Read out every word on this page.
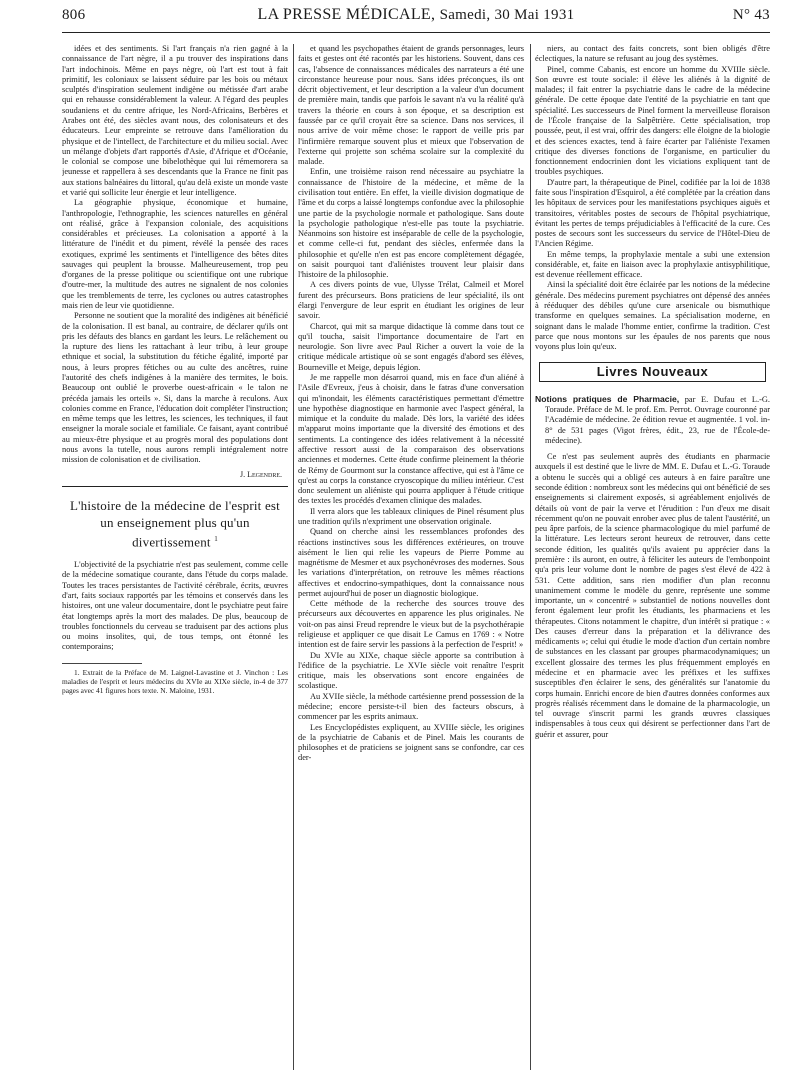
806	LA PRESSE MÉDICALE, Samedi, 30 Mai 1931	N° 43

idées et des sentiments. Si l'art français n'a rien gagné à la connaissance de l'art nègre, il a pu trouver des inspirations dans l'art indochinois. Même en pays nègre, où l'art est tout à fait primitif, les coloniaux se laissent séduire par les bois ou métaux sculptés d'inspiration seulement indigène ou métissée d'art arabe qui en rehausse considérablement la valeur. A l'égard des peuples soudaniens et du centre afrique, les Nord-Africains, Berbères et Arabes ont été, des siècles avant nous, des colonisateurs et des éducateurs. Leur empreinte se retrouve dans l'amélioration du physique et de l'intellect, de l'architecture et du milieu social. Avec un mélange d'objets d'art rapportés d'Asie, d'Afrique et d'Océanie, le colonial se compose une bibelothèque qui lui rémemorera sa jeunesse et rappellera à ses descendants que la France ne finit pas aux stations balnéaires du littoral, qu'au delà existe un monde vaste et varié qui sollicite leur énergie et leur intelligence.

La géographie physique, économique et humaine, l'anthropologie, l'ethnographie, les sciences naturelles en général ont réalisé, grâce à l'expansion coloniale, des acquisitions considérables et précieuses. La colonisation a apporté à la littérature de l'inédit et du piment, révélé la pensée des races exotiques, exprimé les sentiments et l'intelligence des bêtes dites sauvages qui peuplent la brousse. Malheureusement, trop peu d'organes de la presse politique ou scientifique ont une rubrique d'outre-mer, la multitude des autres ne signalent de nos colonies que les tremblements de terre, les cyclones ou autres catastrophes mais rien de leur vie quotidienne.

Personne ne soutient que la moralité des indigènes ait bénéficié de la colonisation. Il est banal, au contraire, de déclarer qu'ils ont pris les défauts des blancs en gardant les leurs. Le relâchement ou la rupture des liens les rattachant à leur tribu, à leur groupe ethnique et social, la substitution du fétiche égalité, importé par nous, à leurs propres fétiches ou au culte des ancêtres, ruine l'autorité des chefs indigènes à la manière des termites, le bois. Beaucoup ont oublié le proverbe ouest-africain « le talon ne précéda jamais les orteils ». Si, dans la marche à reculons. Aux colonies comme en France, l'éducation doit compléter l'instruction; en même temps que les lettres, les sciences, les techniques, il faut enseigner la morale sociale et familiale. Ce faisant, ayant contribué au mieux-être physique et au progrès moral des populations dont nous avons la tutelle, nous aurons rempli intégralement notre mission de colonisation et de civilisation.

J. Legendre.
L'histoire de la médecine de l'esprit est un enseignement plus qu'un divertissement $^1$

L'objectivité de la psychiatrie n'est pas seulement, comme celle de la médecine somatique courante, dans l'étude du corps malade. Toutes les traces persistantes de l'activité cérébrale, écrits, œuvres d'art, faits sociaux rapportés par les témoins et conservés dans les histoires, ont une valeur documentaire, dont le psychiatre peut faire état longtemps après la mort des malades. De plus, beaucoup de troubles fonctionnels du cerveau se traduisent par des actions plus ou moins insolites, qui, de tous temps, ont étonné les contemporains;

1. Extrait de la Préface de M. Laignel-Lavastine et J. Vinchon : Les maladies de l'esprit et leurs médecins du XVIe au XIXe siècle, in-4 de 377 pages avec 41 figures hors texte. N. Maloine, 1931.

et quand les psychopathes étaient de grands personnages, leurs faits et gestes ont été racontés par les historiens. Souvent, dans ces cas, l'absence de connaissances médicales des narrateurs a été une circonstance heureuse pour nous. Sans idées préconçues, ils ont décrit objectivement, et leur description a la valeur d'un document de première main, tandis que parfois le savant n'a vu la réalité qu'à travers la théorie en cours à son époque, et sa description est faussée par ce qu'il croyait être sa science. Dans nos services, il nous arrive de voir même chose: le rapport de veille pris par l'infirmière remarque souvent plus et mieux que l'observation de l'externe qui projette son schéma scolaire sur la complexité du malade.

Enfin, une troisième raison rend nécessaire au psychiatre la connaissance de l'histoire de la médecine, et même de la civilisation tout entière. En effet, la vieille division dogmatique de l'âme et du corps a laissé longtemps confondue avec la philosophie une partie de la psychologie normale et pathologique. Sans doute la psychologie pathologique n'est-elle pas toute la psychiatrie. Néanmoins son histoire est inséparable de celle de la psychologie, et comme celle-ci fut, pendant des siècles, enfermée dans la philosophie et qu'elle n'en est pas encore complètement dégagée, on saisit pourquoi tant d'aliénistes trouvent leur plaisir dans l'histoire de la philosophie.

A ces divers points de vue, Ulysse Trélat, Calmeil et Morel furent des précurseurs. Bons praticiens de leur spécialité, ils ont élargi l'envergure de leur esprit en étudiant les origines de leur savoir.

Charcot, qui mit sa marque didactique là comme dans tout ce qu'il toucha, saisit l'importance documentaire de l'art en neurologie. Son livre avec Paul Richer a ouvert la voie de la critique médicale artistique où se sont engagés d'abord ses élèves, Bourneville et Meige, depuis légion.

Je me rappelle mon désarroi quand, mis en face d'un aliéné à l'Asile d'Evreux, j'eus à choisir, dans le fatras d'une conversation qui m'inondait, les éléments caractéristiques permettant d'émettre une hypothèse diagnostique en harmonie avec l'aspect général, la mimique et la conduite du malade. Dès lors, la variété des idées m'apparut moins importante que la diversité des émotions et des sentiments. La contingence des idées relativement à la nécessité affective ressort aussi de la comparaison des observations anciennes et modernes. Cette étude confirme pleinement la théorie de Rémy de Gourmont sur la constance affective, qui est à l'âme ce qu'est au corps la constance cryoscopique du milieu intérieur. C'est donc seulement un aliéniste qui pourra appliquer à l'étude critique des textes les procédés d'examen clinique des malades.

Il verra alors que les tableaux cliniques de Pinel résument plus une tradition qu'ils n'expriment une observation originale.

Quand on cherche ainsi les ressemblances profondes des réactions instinctives sous les différences extérieures, on trouve aisément le lien qui relie les vapeurs de Pierre Pomme au magnétisme de Mesmer et aux psychonévroses des modernes. Sous les variations d'interprétation, on retrouve les mêmes réactions affectives et endocrino-sympathiques, dont la connaissance nous permet aujourd'hui de poser un diagnostic biologique.

Cette méthode de la recherche des sources trouve des précurseurs aux découvertes en apparence les plus originales. Ne voit-on pas ainsi Freud reprendre le vieux but de la psychothérapie religieuse et appliquer ce que disait Le Camus en 1769 : « Notre intention est de faire servir les passions à la perfection de l'esprit! »

Du XVIe au XIXe, chaque siècle apporte sa contribution à l'édifice de la psychiatrie. Le XVIe siècle voit renaître l'esprit critique, mais les observations sont encore engainées de scolastique.

Au XVIIe siècle, la méthode cartésienne prend possession de la médecine; encore persiste-t-il bien des facteurs obscurs, à commencer par les esprits animaux.

Les Encyclopédistes expliquent, au XVIIIe siècle, les origines de la psychiatrie de Cabanis et de Pinel. Mais les courants de philosophes et de praticiens se joignent sans se confondre, car ces der-

niers, au contact des faits concrets, sont bien obligés d'être éclectiques, la nature se refusant au joug des systèmes.

Pinel, comme Cabanis, est encore un homme du XVIIIe siècle. Son œuvre est toute sociale: il élève les aliénés à la dignité de malades; il fait entrer la psychiatrie dans le cadre de la médecine générale. De cette époque date l'entité de la psychiatrie en tant que spécialité. Les successeurs de Pinel forment la merveilleuse floraison de l'École française de la Salpêtrière. Cette spécialisation, trop poussée, peut, il est vrai, offrir des dangers: elle éloigne de la biologie et des sciences exactes, tend à faire écarter par l'aliéniste l'examen critique des diverses fonctions de l'organisme, en particulier du fonctionnement endocrinien dont les viciations expliquent tant de troubles psychiques.

D'autre part, la thérapeutique de Pinel, codifiée par la loi de 1838 faite sous l'inspiration d'Esquirol, a été complétée par la création dans les hôpitaux de services pour les manifestations psychiques aiguës et transitoires, véritables postes de secours de l'hôpital psychiatrique, évitant les pertes de temps préjudiciables à l'efficacité de la cure. Ces postes de secours sont les successeurs du service de l'Hôtel-Dieu de l'Ancien Régime.

En même temps, la prophylaxie mentale a subi une extension considérable, et, faite en liaison avec la prophylaxie antisyphilitique, est devenue réellement efficace.

Ainsi la spécialité doit être éclairée par les notions de la médecine générale. Des médecins purement psychiatres ont dépensé des années à rééduquer des débiles qu'une cure arsenicale ou bismuthique transforme en quelques semaines. La spécialisation moderne, en soignant dans le malade l'homme entier, confirme la tradition. C'est parce que nous montons sur les épaules de nos parents que nous voyons plus loin qu'eux.

Livres Nouveaux

Notions pratiques de Pharmacie, par E. Dufau et L.-G. Toraude. Préface de M. le prof. Em. Perrot. Ouvrage couronné par l'Académie de médecine. 2e édition revue et augmentée. 1 vol. in-8° de 531 pages (Vigot frères, édit., 23, rue de l'École-de-médecine).

Ce n'est pas seulement auprès des étudiants en pharmacie auxquels il est destiné que le livre de MM. E. Dufau et L.-G. Toraude a obtenu le succès qui a obligé ces auteurs à en faire paraître une seconde édition : nombreux sont les médecins qui ont bénéficié de ses enseignements si clairement exposés, si agréablement enjolivés de détails où vont de pair la verve et l'érudition : l'un d'eux me disait récemment qu'on ne pouvait enrober avec plus de talent l'austérité, un peu âpre parfois, de la science pharmacologique du miel parfumé de la littérature. Les lecteurs seront heureux de retrouver, dans cette seconde édition, les qualités qu'ils avaient pu apprécier dans la première : ils auront, en outre, à féliciter les auteurs de l'embonpoint qu'a pris leur volume dont le nombre de pages s'est élevé de 422 à 531. Cette addition, sans rien modifier d'un plan reconnu unanimement comme le modèle du genre, représente une somme importante, un « concentré » substantiel de notions nouvelles dont feront également leur profit les étudiants, les pharmaciens et les thérapeutes. Citons notamment le chapitre, d'un intérêt si pratique : « Des causes d'erreur dans la préparation et la délivrance des médicaments »; celui qui étudie le mode d'action d'un certain nombre de substances en les classant par groupes pharmacodynamiques; un excellent glossaire des termes les plus fréquemment employés en médecine et en pharmacie avec les préfixes et les suffixes susceptibles d'en éclairer le sens, des généralités sur l'anatomie du corps humain. Enrichi encore de bien d'autres données conformes aux progrès réalisés récemment dans le domaine de la pharmacologie, un tel ouvrage s'inscrit parmi les grands œuvres classiques indispensables à tous ceux qui désirent se perfectionner dans l'art de guérir et assurer, pour
